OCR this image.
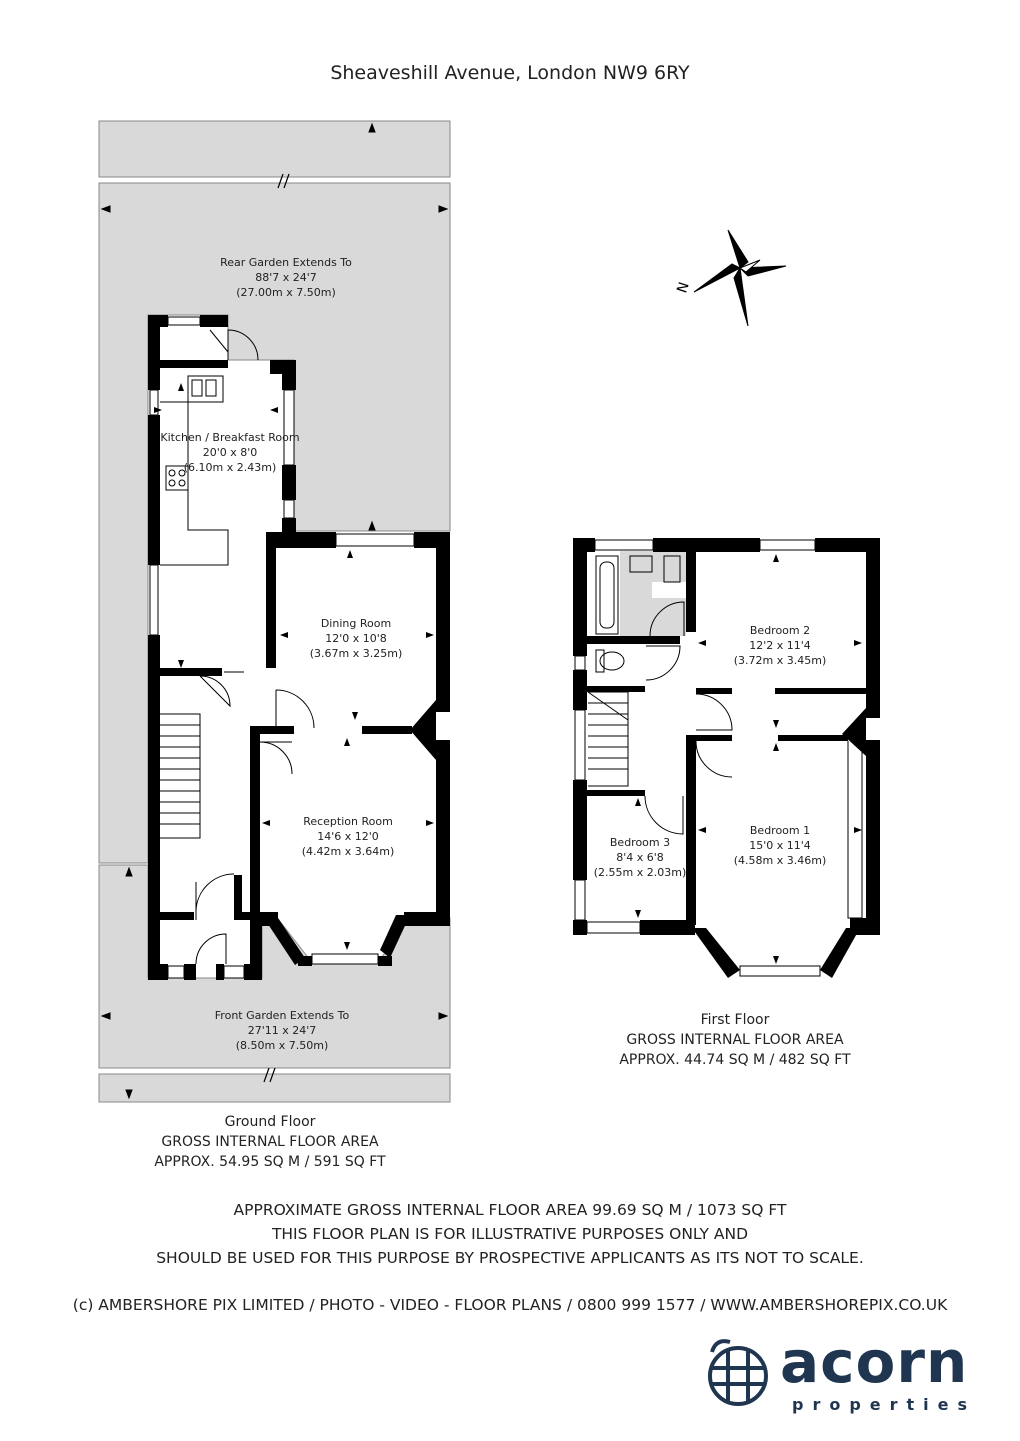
N
Sheaveshill Avenue, London NW9 6RY
Rear Garden Extends To
88'7 x 24'7
(27.00m x 7.50m)
Kitchen / Breakfast Room
20'0 x 8'0
(6.10m x 2.43m)
Dining Room
12'0 x 10'8
(3.67m x 3.25m)
Reception Room
14'6 x 12'0
(4.42m x 3.64m)
Front Garden Extends To
27'11 x 24'7
(8.50m x 7.50m)
Bedroom 2
12'2 x 11'4
(3.72m x 3.45m)
Bedroom 1
15'0 x 11'4
(4.58m x 3.46m)
Bedroom 3
8'4 x 6'8
(2.55m x 2.03m)
Ground Floor
GROSS INTERNAL FLOOR AREA
APPROX. 54.95 SQ M / 591 SQ FT
First Floor
GROSS INTERNAL FLOOR AREA
APPROX. 44.74 SQ M / 482 SQ FT
APPROXIMATE GROSS INTERNAL FLOOR AREA 99.69 SQ M / 1073 SQ FT
THIS FLOOR PLAN IS FOR ILLUSTRATIVE PURPOSES ONLY AND
SHOULD BE USED FOR THIS PURPOSE BY PROSPECTIVE APPLICANTS AS ITS NOT TO SCALE.
(c) AMBERSHORE PIX LIMITED / PHOTO - VIDEO - FLOOR PLANS / 0800 999 1577 / WWW.AMBERSHOREPIX.CO.UK
acorn
properties
